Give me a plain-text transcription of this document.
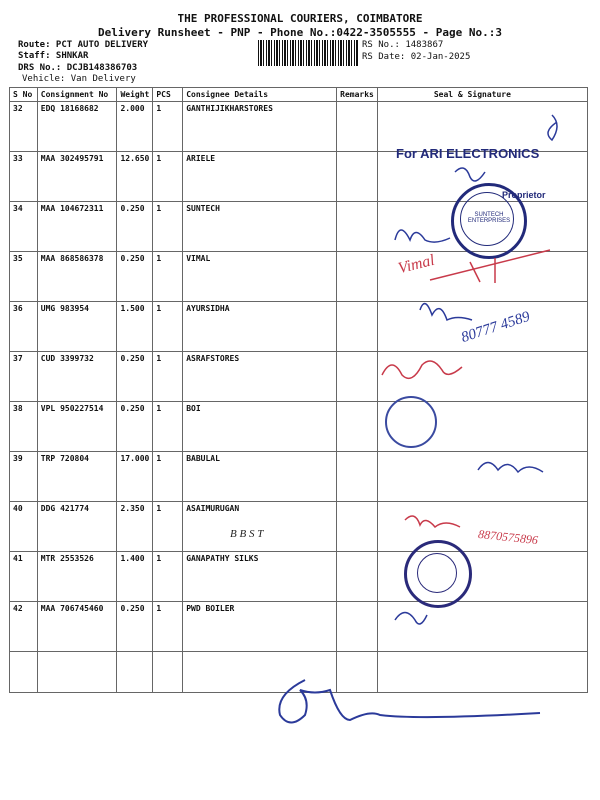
THE PROFESSIONAL COURIERS, COIMBATORE
Delivery Runsheet - PNP - Phone No.:0422-3505555 - Page No.:3
Route: PCT AUTO DELIVERY
Staff: SHNKAR
DRS No.: DCJB148386703
Vehicle: Van Delivery
RS No.: 1483867
RS Date: 02-Jan-2025
S No	Consignment No	Weight	PCS	Consignee Details	Remarks	Seal & Signature
32	EDQ 18168682	2.000	1	GANTHIJIKHARSTORES		
33	MAA 302495791	12.650	1	ARIELE		
34	MAA 104672311	0.250	1	SUNTECH		
35	MAA 868586378	0.250	1	VIMAL		
36	UMG 983954	1.500	1	AYURSIDHA		
37	CUD 3399732	0.250	1	ASRAFSTORES		
38	VPL 950227514	0.250	1	BOI		
39	TRP 720804	17.000	1	BABULAL		
40	DDG 421774	2.350	1	ASAIMURUGAN		
41	MTR 2553526	1.400	1	GANAPATHY SILKS		
42	MAA 706745460	0.250	1	PWD BOILER		

For ARI ELECTRONICS
Proprietor
SUNTECH ENTERPRISES
Vimal
80777 4589
B B S T	8870575896
